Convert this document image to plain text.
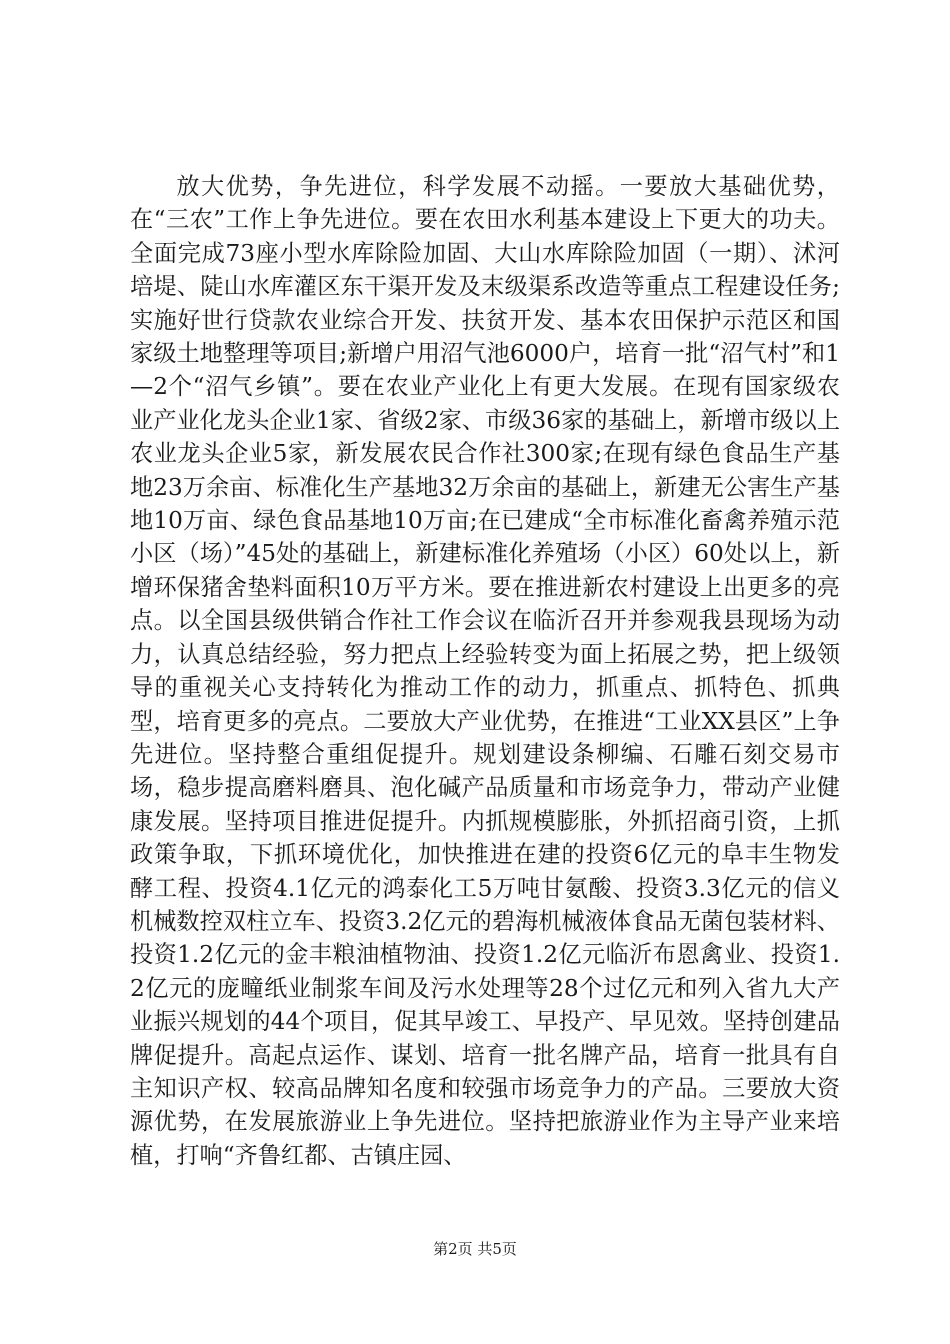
放大优势，争先进位，科学发展不动摇。一要放大基础优势，在“三农”工作上争先进位。要在农田水利基本建设上下更大的功夫。全面完成73座小型水库除险加固、大山水库除险加固（一期）、沭河培堤、陡山水库灌区东干渠开发及末级渠系改造等重点工程建设任务;实施好世行贷款农业综合开发、扶贫开发、基本农田保护示范区和国家级土地整理等项目;新增户用沼气池6000户，培育一批“沼气村”和1—2个“沼气乡镇”。要在农业产业化上有更大发展。在现有国家级农业产业化龙头企业1家、省级2家、市级36家的基础上，新增市级以上农业龙头企业5家，新发展农民合作社300家;在现有绿色食品生产基地23万余亩、标准化生产基地32万余亩的基础上，新建无公害生产基地10万亩、绿色食品基地10万亩;在已建成“全市标准化畜禽养殖示范小区（场）”45处的基础上，新建标准化养殖场（小区）60处以上，新增环保猪舍垫料面积10万平方米。要在推进新农村建设上出更多的亮点。以全国县级供销合作社工作会议在临沂召开并参观我县现场为动力，认真总结经验，努力把点上经验转变为面上拓展之势，把上级领导的重视关心支持转化为推动工作的动力，抓重点、抓特色、抓典型，培育更多的亮点。二要放大产业优势，在推进“工业XX县区”上争先进位。坚持整合重组促提升。规划建设条柳编、石雕石刻交易市场，稳步提高磨料磨具、泡化碱产品质量和市场竞争力，带动产业健康发展。坚持项目推进促提升。内抓规模膨胀，外抓招商引资，上抓政策争取，下抓环境优化，加快推进在建的投资6亿元的阜丰生物发酵工程、投资4.1亿元的鸿泰化工5万吨甘氨酸、投资3.3亿元的信义机械数控双柱立车、投资3.2亿元的碧海机械液体食品无菌包装材料、投资1.2亿元的金丰粮油植物油、投资1.2亿元临沂布恩禽业、投资1.2亿元的庞疃纸业制浆车间及污水处理等28个过亿元和列入省九大产业振兴规划的44个项目，促其早竣工、早投产、早见效。坚持创建品牌促提升。高起点运作、谋划、培育一批名牌产品，培育一批具有自主知识产权、较高品牌知名度和较强市场竞争力的产品。三要放大资源优势，在发展旅游业上争先进位。坚持把旅游业作为主导产业来培植，打响“齐鲁红都、古镇庄园、

第2页 共5页
